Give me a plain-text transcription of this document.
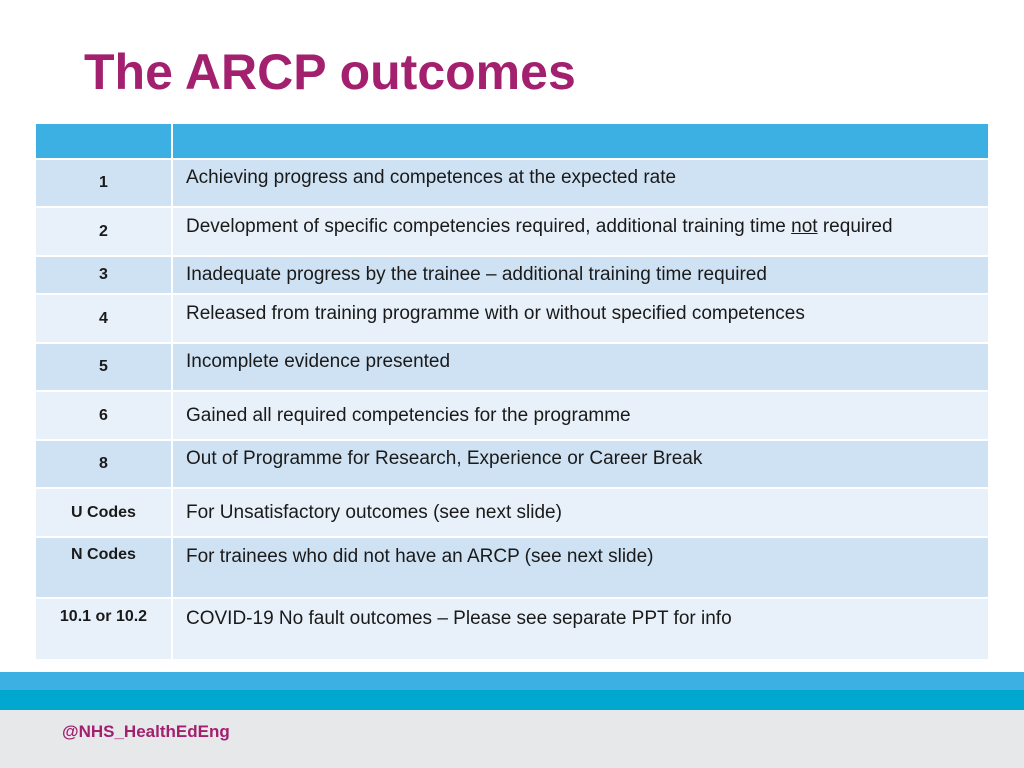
The ARCP outcomes

1	Achieving progress and competences at the expected rate

2	Development of specific competencies required, additional training time not required

3	Inadequate progress by the trainee – additional training time required
4	Released from training programme with or without specified competences

5	Incomplete evidence presented

6	Gained all required competencies for the programme
8	Out of Programme for Research, Experience or Career Break

U Codes	For Unsatisfactory outcomes (see next slide)

N Codes	For trainees who did not have an ARCP (see next slide)

10.1 or 10.2	COVID-19 No fault outcomes – Please see separate PPT for info
@NHS_HealthEdEng
